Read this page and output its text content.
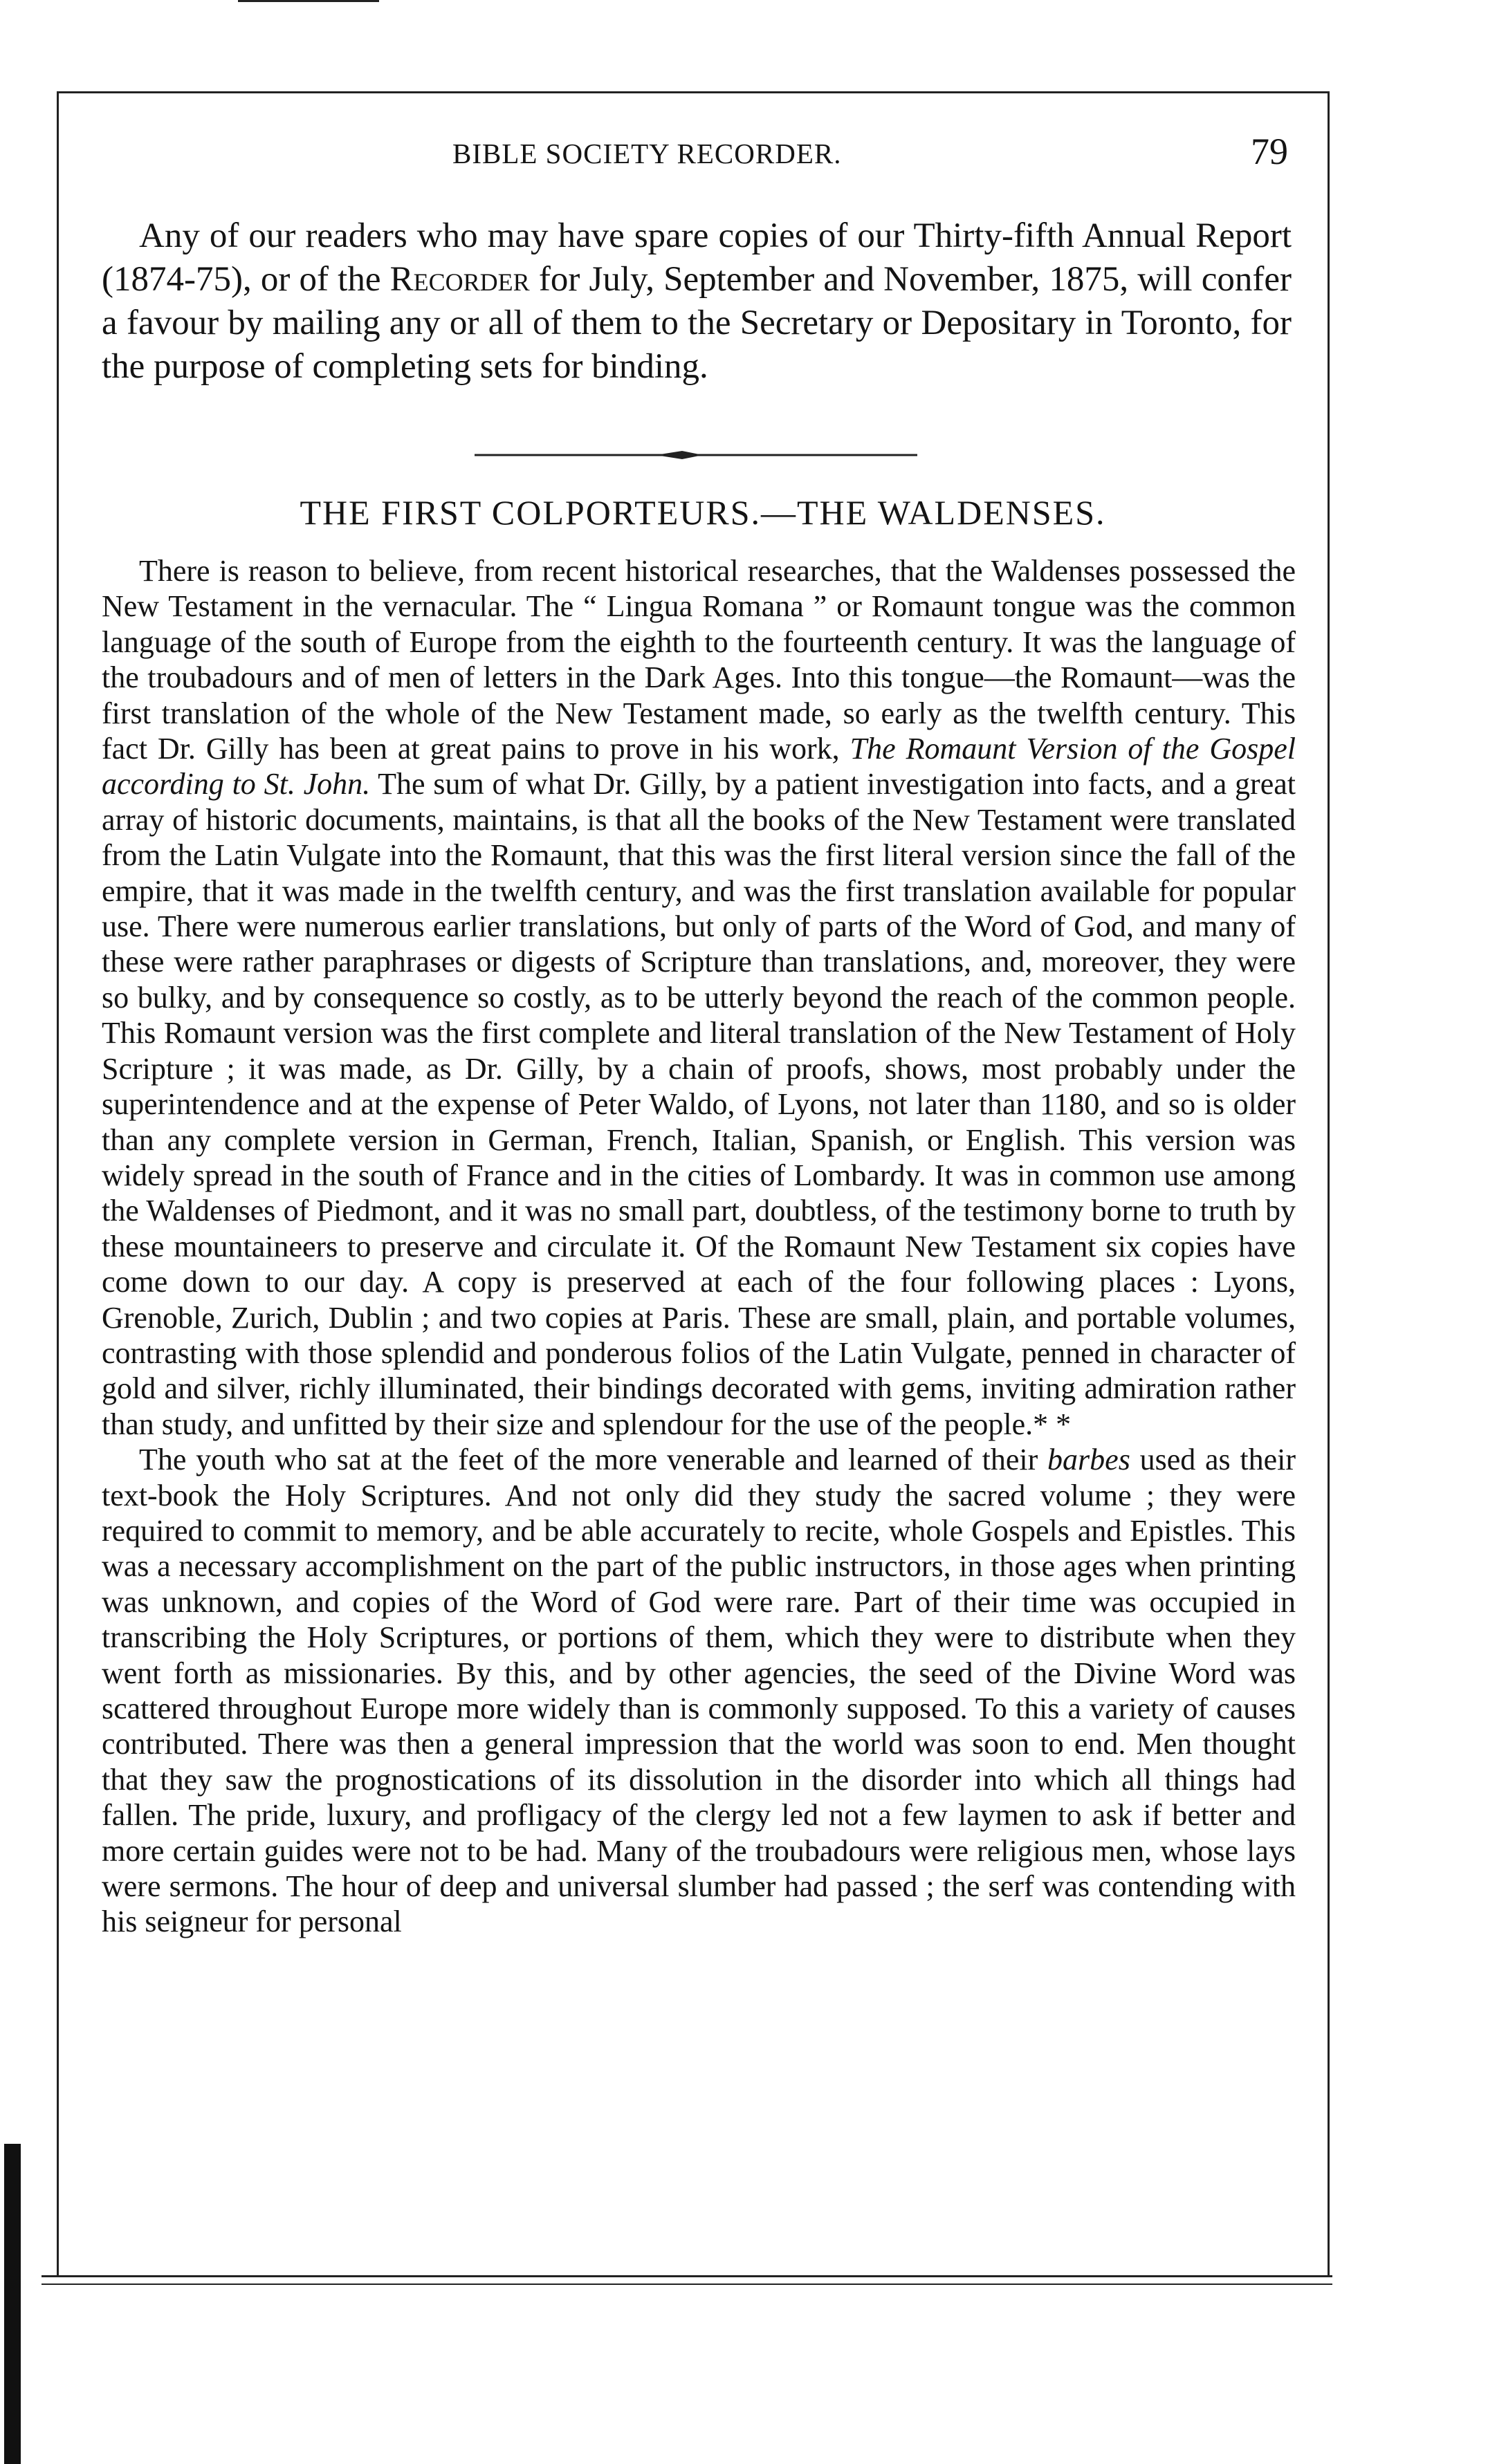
BIBLE SOCIETY RECORDER.	79

Any of our readers who may have spare copies of our Thirty-fifth Annual Report (1874-75), or of the Recorder for July, September and November, 1875, will confer a favour by mailing any or all of them to the Secretary or Depositary in Toronto, for the purpose of completing sets for binding.

THE FIRST COLPORTEURS.—THE WALDENSES.

There is reason to believe, from recent historical researches, that the Waldenses possessed the New Testament in the vernacular. The “ Lingua Romana ” or Romaunt tongue was the common language of the south of Europe from the eighth to the fourteenth century. It was the language of the troubadours and of men of letters in the Dark Ages. Into this tongue—the Romaunt—was the first translation of the whole of the New Testament made, so early as the twelfth century. This fact Dr. Gilly has been at great pains to prove in his work, The Romaunt Version of the Gospel according to St. John. The sum of what Dr. Gilly, by a patient investigation into facts, and a great array of historic documents, maintains, is that all the books of the New Testament were translated from the Latin Vulgate into the Romaunt, that this was the first literal version since the fall of the empire, that it was made in the twelfth century, and was the first translation available for popular use. There were numerous earlier translations, but only of parts of the Word of God, and many of these were rather paraphrases or digests of Scripture than translations, and, moreover, they were so bulky, and by consequence so costly, as to be utterly beyond the reach of the common people. This Romaunt version was the first complete and literal translation of the New Testament of Holy Scripture ; it was made, as Dr. Gilly, by a chain of proofs, shows, most probably under the superintendence and at the expense of Peter Waldo, of Lyons, not later than 1180, and so is older than any complete version in German, French, Italian, Spanish, or English. This version was widely spread in the south of France and in the cities of Lombardy. It was in common use among the Waldenses of Piedmont, and it was no small part, doubtless, of the testimony borne to truth by these mountaineers to preserve and circulate it. Of the Romaunt New Testament six copies have come down to our day. A copy is preserved at each of the four following places : Lyons, Grenoble, Zurich, Dublin ; and two copies at Paris. These are small, plain, and portable volumes, contrasting with those splendid and ponderous folios of the Latin Vulgate, penned in character of gold and silver, richly illuminated, their bindings decorated with gems, inviting admiration rather than study, and unfitted by their size and splendour for the use of the people.* *

The youth who sat at the feet of the more venerable and learned of their barbes used as their text-book the Holy Scriptures. And not only did they study the sacred volume ; they were required to commit to memory, and be able accurately to recite, whole Gospels and Epistles. This was a necessary accomplishment on the part of the public instructors, in those ages when printing was unknown, and copies of the Word of God were rare. Part of their time was occupied in transcribing the Holy Scriptures, or portions of them, which they were to distribute when they went forth as missionaries. By this, and by other agencies, the seed of the Divine Word was scattered throughout Europe more widely than is commonly supposed. To this a variety of causes contributed. There was then a general impression that the world was soon to end. Men thought that they saw the prognostications of its dissolution in the disorder into which all things had fallen. The pride, luxury, and profligacy of the clergy led not a few laymen to ask if better and more certain guides were not to be had. Many of the troubadours were religious men, whose lays were sermons. The hour of deep and universal slumber had passed ; the serf was contending with his seigneur for personal
